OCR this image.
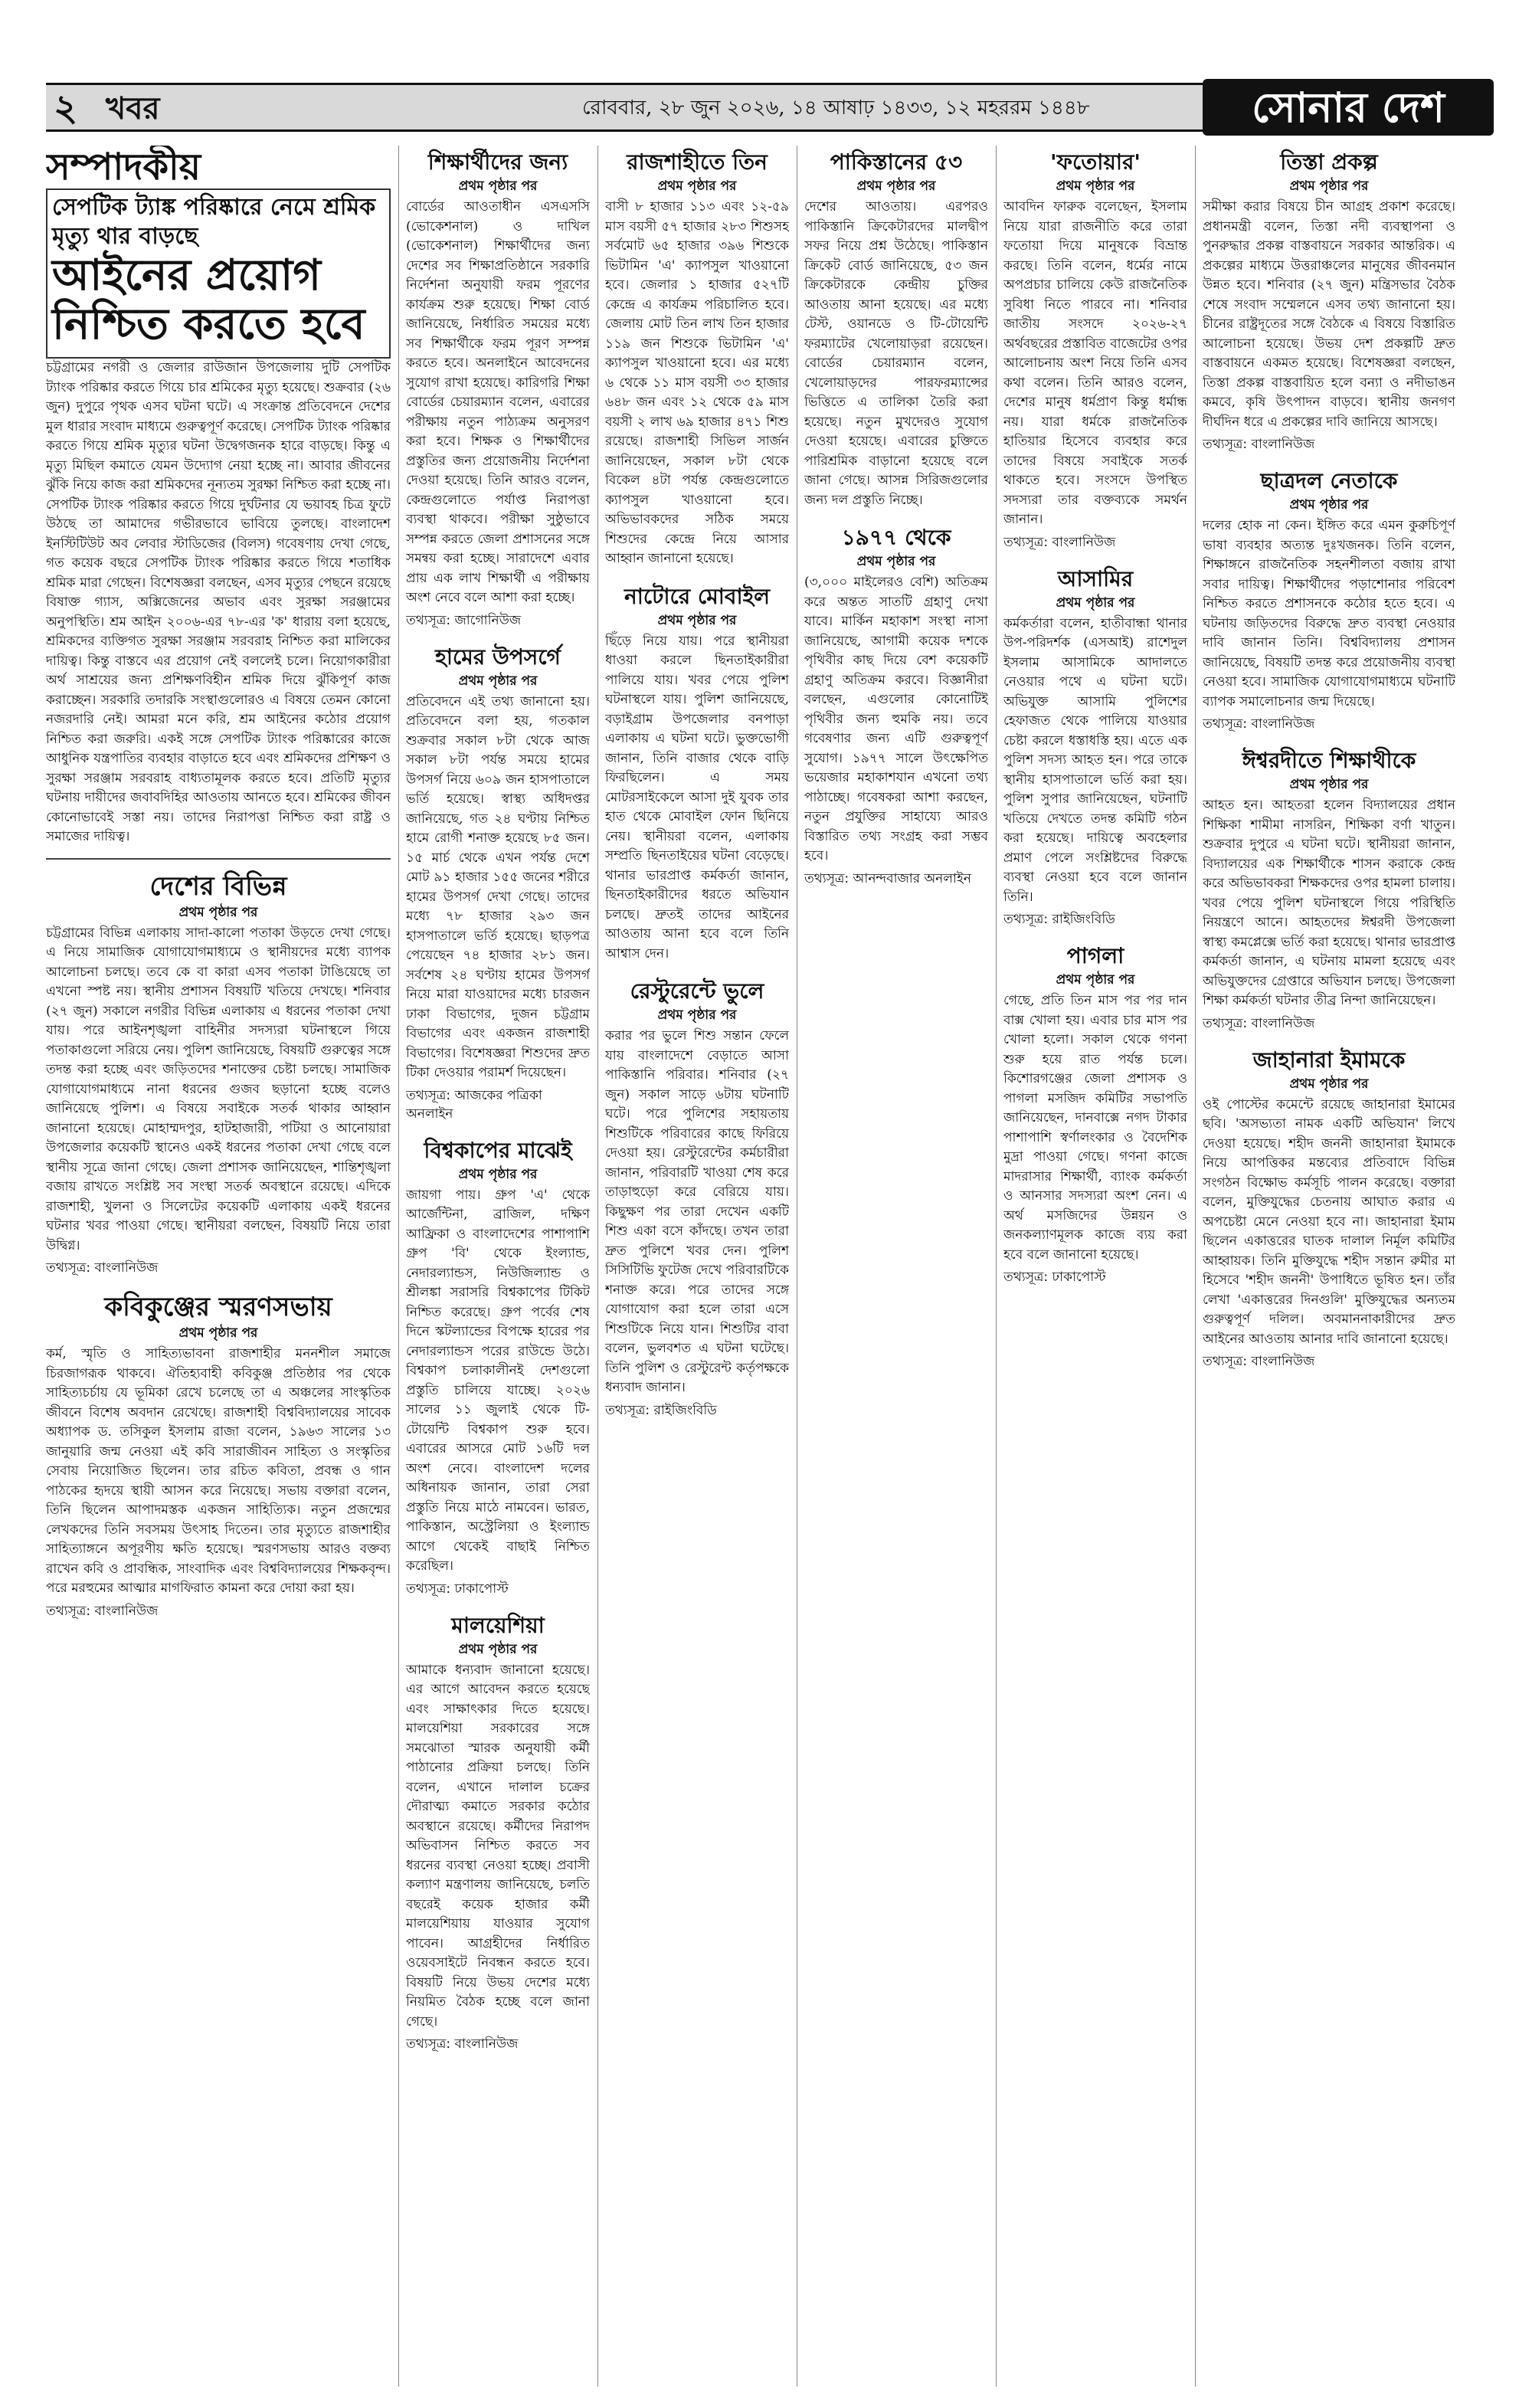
২ খবর	রোববার, ২৮ জুন ২০২৬, ১৪ আষাঢ় ১৪৩৩, ১২ মহররম ১৪৪৮	সোনার দেশ
সম্পাদকীয়
সেপটিক ট্যাঙ্ক পরিষ্কারে নেমে শ্রমিক মৃত্যু থার বাড়ছে
আইনের প্রয়োগ নিশ্চিত করতে হবে

চট্টগ্রামের নগরী ও জেলার রাউজান উপজেলায় দুটি সেপটিক ট্যাংক পরিষ্কার করতে গিয়ে চার শ্রমিকের মৃত্যু হয়েছে। শুক্রবার (২৬ জুন) দুপুরে পৃথক এসব ঘটনা ঘটে। এ সংক্রান্ত প্রতিবেদনে দেশের মুল ধারার সংবাদ মাধ্যমে গুরুত্বপূর্ণ করেছে। সেপটিক ট্যাংক পরিষ্কার করতে গিয়ে শ্রমিক মৃত্যুর ঘটনা উদ্বেগজনক হারে বাড়ছে। কিন্তু এ মৃত্যু মিছিল কমাতে যেমন উদ্যোগ নেয়া হচ্ছে না। আবার জীবনের ঝুঁকি নিয়ে কাজ করা শ্রমিকদের নূন্যতম সুরক্ষা নিশ্চিত করা হচ্ছে না। সেপটিক ট্যাংক পরিষ্কার করতে গিয়ে দুর্ঘটনার যে ভয়াবহ চিত্র ফুটে উঠছে তা আমাদের গভীরভাবে ভাবিয়ে তুলছে। বাংলাদেশ ইনস্টিটিউট অব লেবার স্টাডিজের (বিলস) গবেষণায় দেখা গেছে, গত কয়েক বছরে সেপটিক ট্যাংক পরিষ্কার করতে গিয়ে শতাধিক শ্রমিক মারা গেছেন। বিশেষজ্ঞরা বলছেন, এসব মৃত্যুর পেছনে রয়েছে বিষাক্ত গ্যাস, অক্সিজেনের অভাব এবং সুরক্ষা সরঞ্জামের অনুপস্থিতি। শ্রম আইন ২০০৬-এর ৭৮-এর 'ক' ধারায় বলা হয়েছে, শ্রমিকদের ব্যক্তিগত সুরক্ষা সরঞ্জাম সরবরাহ নিশ্চিত করা মালিকের দায়িত্ব। কিন্তু বাস্তবে এর প্রয়োগ নেই বললেই চলে। নিয়োগকারীরা অর্থ সাশ্রয়ের জন্য প্রশিক্ষণবিহীন শ্রমিক দিয়ে ঝুঁকিপূর্ণ কাজ করাচ্ছেন। সরকারি তদারকি সংস্থাগুলোরও এ বিষয়ে তেমন কোনো নজরদারি নেই। আমরা মনে করি, শ্রম আইনের কঠোর প্রয়োগ নিশ্চিত করা জরুরি। একই সঙ্গে সেপটিক ট্যাংক পরিষ্কারের কাজে আধুনিক যন্ত্রপাতির ব্যবহার বাড়াতে হবে এবং শ্রমিকদের প্রশিক্ষণ ও সুরক্ষা সরঞ্জাম সরবরাহ বাধ্যতামূলক করতে হবে। প্রতিটি মৃত্যুর ঘটনায় দায়ীদের জবাবদিহির আওতায় আনতে হবে। শ্রমিকের জীবন কোনোভাবেই সস্তা নয়। তাদের নিরাপত্তা নিশ্চিত করা রাষ্ট্র ও সমাজের দায়িত্ব।

দেশের বিভিন্ন
প্রথম পৃষ্ঠার পর

চট্টগ্রামের বিভিন্ন এলাকায় সাদা-কালো পতাকা উড়তে দেখা গেছে। এ নিয়ে সামাজিক যোগাযোগমাধ্যমে ও স্থানীয়দের মধ্যে ব্যাপক আলোচনা চলছে। তবে কে বা কারা এসব পতাকা টাঙিয়েছে তা এখনো স্পষ্ট নয়। স্থানীয় প্রশাসন বিষয়টি খতিয়ে দেখছে। শনিবার (২৭ জুন) সকালে নগরীর বিভিন্ন এলাকায় এ ধরনের পতাকা দেখা যায়। পরে আইনশৃঙ্খলা বাহিনীর সদস্যরা ঘটনাস্থলে গিয়ে পতাকাগুলো সরিয়ে নেয়। পুলিশ জানিয়েছে, বিষয়টি গুরুত্বের সঙ্গে তদন্ত করা হচ্ছে এবং জড়িতদের শনাক্তের চেষ্টা চলছে। সামাজিক যোগাযোগমাধ্যমে নানা ধরনের গুজব ছড়ানো হচ্ছে বলেও জানিয়েছে পুলিশ। এ বিষয়ে সবাইকে সতর্ক থাকার আহ্বান জানানো হয়েছে। মোহাম্মদপুর, হাটহাজারী, পটিয়া ও আনোয়ারা উপজেলার কয়েকটি স্থানেও একই ধরনের পতাকা দেখা গেছে বলে স্থানীয় সূত্রে জানা গেছে। জেলা প্রশাসক জানিয়েছেন, শান্তিশৃঙ্খলা বজায় রাখতে সংশ্লিষ্ট সব সংস্থা সতর্ক অবস্থানে রয়েছে। এদিকে রাজশাহী, খুলনা ও সিলেটের কয়েকটি এলাকায় একই ধরনের ঘটনার খবর পাওয়া গেছে। স্থানীয়রা বলছেন, বিষয়টি নিয়ে তারা উদ্বিগ্ন।

তথ্যসূত্র: বাংলানিউজ
কবিকুঞ্জের স্মরণসভায়
প্রথম পৃষ্ঠার পর

কর্ম, স্মৃতি ও সাহিত্যভাবনা রাজশাহীর মননশীল সমাজে চিরজাগরূক থাকবে। ঐতিহ্যবাহী কবিকুঞ্জ প্রতিষ্ঠার পর থেকে সাহিত্যচর্চায় যে ভূমিকা রেখে চলেছে তা এ অঞ্চলের সাংস্কৃতিক জীবনে বিশেষ অবদান রেখেছে। রাজশাহী বিশ্ববিদ্যালয়ের সাবেক অধ্যাপক ড. তসিকুল ইসলাম রাজা বলেন, ১৯৬৩ সালের ১৩ জানুয়ারি জন্ম নেওয়া এই কবি সারাজীবন সাহিত্য ও সংস্কৃতির সেবায় নিয়োজিত ছিলেন। তার রচিত কবিতা, প্রবন্ধ ও গান পাঠকের হৃদয়ে স্থায়ী আসন করে নিয়েছে। সভায় বক্তারা বলেন, তিনি ছিলেন আপাদমস্তক একজন সাহিত্যিক। নতুন প্রজন্মের লেখকদের তিনি সবসময় উৎসাহ দিতেন। তার মৃত্যুতে রাজশাহীর সাহিত্যাঙ্গনে অপূরণীয় ক্ষতি হয়েছে। স্মরণসভায় আরও বক্তব্য রাখেন কবি ও প্রাবন্ধিক, সাংবাদিক এবং বিশ্ববিদ্যালয়ের শিক্ষকবৃন্দ। পরে মরহুমের আত্মার মাগফিরাত কামনা করে দোয়া করা হয়।

তথ্যসূত্র: বাংলানিউজ
শিক্ষার্থীদের জন্য
প্রথম পৃষ্ঠার পর

বোর্ডের আওতাধীন এসএসসি (ভোকেশনাল) ও দাখিল (ভোকেশনাল) শিক্ষার্থীদের জন্য দেশের সব শিক্ষাপ্রতিষ্ঠানে সরকারি নির্দেশনা অনুযায়ী ফরম পূরণের কার্যক্রম শুরু হয়েছে। শিক্ষা বোর্ড জানিয়েছে, নির্ধারিত সময়ের মধ্যে সব শিক্ষার্থীকে ফরম পূরণ সম্পন্ন করতে হবে। অনলাইনে আবেদনের সুযোগ রাখা হয়েছে। কারিগরি শিক্ষা বোর্ডের চেয়ারম্যান বলেন, এবারের পরীক্ষায় নতুন পাঠ্যক্রম অনুসরণ করা হবে। শিক্ষক ও শিক্ষার্থীদের প্রস্তুতির জন্য প্রয়োজনীয় নির্দেশনা দেওয়া হয়েছে। তিনি আরও বলেন, কেন্দ্রগুলোতে পর্যাপ্ত নিরাপত্তা ব্যবস্থা থাকবে। পরীক্ষা সুষ্ঠুভাবে সম্পন্ন করতে জেলা প্রশাসনের সঙ্গে সমন্বয় করা হচ্ছে। সারাদেশে এবার প্রায় এক লাখ শিক্ষার্থী এ পরীক্ষায় অংশ নেবে বলে আশা করা হচ্ছে।

তথ্যসূত্র: জাগোনিউজ
হামের উপসর্গে
প্রথম পৃষ্ঠার পর

প্রতিবেদনে এই তথ্য জানানো হয়। প্রতিবেদনে বলা হয়, গতকাল শুক্রবার সকাল ৮টা থেকে আজ সকাল ৮টা পর্যন্ত সময়ে হামের উপসর্গ নিয়ে ৬০৯ জন হাসপাতালে ভর্তি হয়েছে। স্বাস্থ্য অধিদপ্তর জানিয়েছে, গত ২৪ ঘণ্টায় নিশ্চিত হামে রোগী শনাক্ত হয়েছে ৮৫ জন। ১৫ মার্চ থেকে এখন পর্যন্ত দেশে মোট ৯১ হাজার ১৫৫ জনের শরীরে হামের উপসর্গ দেখা গেছে। তাদের মধ্যে ৭৮ হাজার ২৯৩ জন হাসপাতালে ভর্তি হয়েছে। ছাড়পত্র পেয়েছেন ৭৪ হাজার ২৮১ জন। সর্বশেষ ২৪ ঘণ্টায় হামের উপসর্গ নিয়ে মারা যাওয়াদের মধ্যে চারজন ঢাকা বিভাগের, দুজন চট্টগ্রাম বিভাগের এবং একজন রাজশাহী বিভাগের। বিশেষজ্ঞরা শিশুদের দ্রুত টিকা দেওয়ার পরামর্শ দিয়েছেন।

তথ্যসূত্র: আজকের পত্রিকা অনলাইন
বিশ্বকাপের মাঝেই
প্রথম পৃষ্ঠার পর

জায়গা পায়। গ্রুপ 'এ' থেকে আর্জেন্টিনা, ব্রাজিল, দক্ষিণ আফ্রিকা ও বাংলাদেশের পাশাপাশি গ্রুপ 'বি' থেকে ইংল্যান্ড, নেদারল্যান্ডস, নিউজিল্যান্ড ও শ্রীলঙ্কা সরাসরি বিশ্বকাপের টিকিট নিশ্চিত করেছে। গ্রুপ পর্বের শেষ দিনে স্কটল্যান্ডের বিপক্ষে হারের পর নেদারল্যান্ডস পরের রাউন্ডে উঠে। বিশ্বকাপ চলাকালীনই দেশগুলো প্রস্তুতি চালিয়ে যাচ্ছে। ২০২৬ সালের ১১ জুলাই থেকে টি-টোয়েন্টি বিশ্বকাপ শুরু হবে। এবারের আসরে মোট ১৬টি দল অংশ নেবে। বাংলাদেশ দলের অধিনায়ক জানান, তারা সেরা প্রস্তুতি নিয়ে মাঠে নামবেন। ভারত, পাকিস্তান, অস্ট্রেলিয়া ও ইংল্যান্ড আগে থেকেই বাছাই নিশ্চিত করেছিল।

তথ্যসূত্র: ঢাকাপোস্ট
মালয়েশিয়া
প্রথম পৃষ্ঠার পর

আমাকে ধন্যবাদ জানানো হয়েছে। এর আগে আবেদন করতে হয়েছে এবং সাক্ষাৎকার দিতে হয়েছে। মালয়েশিয়া সরকারের সঙ্গে সমঝোতা স্মারক অনুযায়ী কর্মী পাঠানোর প্রক্রিয়া চলছে। তিনি বলেন, এখানে দালাল চক্রের দৌরাত্ম্য কমাতে সরকার কঠোর অবস্থানে রয়েছে। কর্মীদের নিরাপদ অভিবাসন নিশ্চিত করতে সব ধরনের ব্যবস্থা নেওয়া হচ্ছে। প্রবাসী কল্যাণ মন্ত্রণালয় জানিয়েছে, চলতি বছরেই কয়েক হাজার কর্মী মালয়েশিয়ায় যাওয়ার সুযোগ পাবেন। আগ্রহীদের নির্ধারিত ওয়েবসাইটে নিবন্ধন করতে হবে। বিষয়টি নিয়ে উভয় দেশের মধ্যে নিয়মিত বৈঠক হচ্ছে বলে জানা গেছে।

তথ্যসূত্র: বাংলানিউজ
রাজশাহীতে তিন
প্রথম পৃষ্ঠার পর

বাসী ৮ হাজার ১১৩ এবং ১২-৫৯ মাস বয়সী ৫৭ হাজার ২৮৩ শিশুসহ সর্বমোট ৬৫ হাজার ৩৯৬ শিশুকে ভিটামিন 'এ' ক্যাপসুল খাওয়ানো হবে। জেলার ১ হাজার ৫২৭টি কেন্দ্রে এ কার্যক্রম পরিচালিত হবে। জেলায় মোট তিন লাখ তিন হাজার ১১৯ জন শিশুকে ভিটামিন 'এ' ক্যাপসুল খাওয়ানো হবে। এর মধ্যে ৬ থেকে ১১ মাস বয়সী ৩৩ হাজার ৬৪৮ জন এবং ১২ থেকে ৫৯ মাস বয়সী ২ লাখ ৬৯ হাজার ৪৭১ শিশু রয়েছে। রাজশাহী সিভিল সার্জন জানিয়েছেন, সকাল ৮টা থেকে বিকেল ৪টা পর্যন্ত কেন্দ্রগুলোতে ক্যাপসুল খাওয়ানো হবে। অভিভাবকদের সঠিক সময়ে শিশুদের কেন্দ্রে নিয়ে আসার আহ্বান জানানো হয়েছে।

নাটোরে মোবাইল
প্রথম পৃষ্ঠার পর

ছিঁড়ে নিয়ে যায়। পরে স্থানীয়রা ধাওয়া করলে ছিনতাইকারীরা পালিয়ে যায়। খবর পেয়ে পুলিশ ঘটনাস্থলে যায়। পুলিশ জানিয়েছে, বড়াইগ্রাম উপজেলার বনপাড়া এলাকায় এ ঘটনা ঘটে। ভুক্তভোগী জানান, তিনি বাজার থেকে বাড়ি ফিরছিলেন। এ সময় মোটরসাইকেলে আসা দুই যুবক তার হাত থেকে মোবাইল ফোন ছিনিয়ে নেয়। স্থানীয়রা বলেন, এলাকায় সম্প্রতি ছিনতাইয়ের ঘটনা বেড়েছে। থানার ভারপ্রাপ্ত কর্মকর্তা জানান, ছিনতাইকারীদের ধরতে অভিযান চলছে। দ্রুতই তাদের আইনের আওতায় আনা হবে বলে তিনি আশ্বাস দেন।

রেস্টুরেন্টে ভুলে
প্রথম পৃষ্ঠার পর

করার পর ভুলে শিশু সন্তান ফেলে যায় বাংলাদেশে বেড়াতে আসা পাকিস্তানি পরিবার। শনিবার (২৭ জুন) সকাল সাড়ে ৬টায় ঘটনাটি ঘটে। পরে পুলিশের সহায়তায় শিশুটিকে পরিবারের কাছে ফিরিয়ে দেওয়া হয়। রেস্টুরেন্টের কর্মচারীরা জানান, পরিবারটি খাওয়া শেষ করে তাড়াহুড়ো করে বেরিয়ে যায়। কিছুক্ষণ পর তারা দেখেন একটি শিশু একা বসে কাঁদছে। তখন তারা দ্রুত পুলিশে খবর দেন। পুলিশ সিসিটিভি ফুটেজ দেখে পরিবারটিকে শনাক্ত করে। পরে তাদের সঙ্গে যোগাযোগ করা হলে তারা এসে শিশুটিকে নিয়ে যান। শিশুটির বাবা বলেন, ভুলবশত এ ঘটনা ঘটেছে। তিনি পুলিশ ও রেস্টুরেন্ট কর্তৃপক্ষকে ধন্যবাদ জানান।

তথ্যসূত্র: রাইজিংবিডি
পাকিস্তানের ৫৩
প্রথম পৃষ্ঠার পর

দেশের আওতায়। এরপরও পাকিস্তানি ক্রিকেটারদের মালদ্বীপ সফর নিয়ে প্রশ্ন উঠেছে। পাকিস্তান ক্রিকেট বোর্ড জানিয়েছে, ৫৩ জন ক্রিকেটারকে কেন্দ্রীয় চুক্তির আওতায় আনা হয়েছে। এর মধ্যে টেস্ট, ওয়ানডে ও টি-টোয়েন্টি ফরম্যাটের খেলোয়াড়রা রয়েছেন। বোর্ডের চেয়ারম্যান বলেন, খেলোয়াড়দের পারফরম্যান্সের ভিত্তিতে এ তালিকা তৈরি করা হয়েছে। নতুন মুখদেরও সুযোগ দেওয়া হয়েছে। এবারের চুক্তিতে পারিশ্রমিক বাড়ানো হয়েছে বলে জানা গেছে। আসন্ন সিরিজগুলোর জন্য দল প্রস্তুতি নিচ্ছে।

১৯৭৭ থেকে
প্রথম পৃষ্ঠার পর

(৩,০০০ মাইলেরও বেশি) অতিক্রম করে অন্তত সাতটি গ্রহাণু দেখা যাবে। মার্কিন মহাকাশ সংস্থা নাসা জানিয়েছে, আগামী কয়েক দশকে পৃথিবীর কাছ দিয়ে বেশ কয়েকটি গ্রহাণু অতিক্রম করবে। বিজ্ঞানীরা বলছেন, এগুলোর কোনোটিই পৃথিবীর জন্য হুমকি নয়। তবে গবেষণার জন্য এটি গুরুত্বপূর্ণ সুযোগ। ১৯৭৭ সালে উৎক্ষেপিত ভয়েজার মহাকাশযান এখনো তথ্য পাঠাচ্ছে। গবেষকরা আশা করছেন, নতুন প্রযুক্তির সাহায্যে আরও বিস্তারিত তথ্য সংগ্রহ করা সম্ভব হবে।

তথ্যসূত্র: আনন্দবাজার অনলাইন
'ফতোয়ার'
প্রথম পৃষ্ঠার পর

আবদিন ফারুক বলেছেন, ইসলাম নিয়ে যারা রাজনীতি করে তারা ফতোয়া দিয়ে মানুষকে বিভ্রান্ত করছে। তিনি বলেন, ধর্মের নামে অপপ্রচার চালিয়ে কেউ রাজনৈতিক সুবিধা নিতে পারবে না। শনিবার জাতীয় সংসদে ২০২৬-২৭ অর্থবছরের প্রস্তাবিত বাজেটের ওপর আলোচনায় অংশ নিয়ে তিনি এসব কথা বলেন। তিনি আরও বলেন, দেশের মানুষ ধর্মপ্রাণ কিন্তু ধর্মান্ধ নয়। যারা ধর্মকে রাজনৈতিক হাতিয়ার হিসেবে ব্যবহার করে তাদের বিষয়ে সবাইকে সতর্ক থাকতে হবে। সংসদে উপস্থিত সদস্যরা তার বক্তব্যকে সমর্থন জানান।

তথ্যসূত্র: বাংলানিউজ
আসামির
প্রথম পৃষ্ঠার পর

কর্মকর্তারা বলেন, হাতীবান্ধা থানার উপ-পরিদর্শক (এসআই) রাশেদুল ইসলাম আসামিকে আদালতে নেওয়ার পথে এ ঘটনা ঘটে। অভিযুক্ত আসামি পুলিশের হেফাজত থেকে পালিয়ে যাওয়ার চেষ্টা করলে ধস্তাধস্তি হয়। এতে এক পুলিশ সদস্য আহত হন। পরে তাকে স্থানীয় হাসপাতালে ভর্তি করা হয়। পুলিশ সুপার জানিয়েছেন, ঘটনাটি খতিয়ে দেখতে তদন্ত কমিটি গঠন করা হয়েছে। দায়িত্বে অবহেলার প্রমাণ পেলে সংশ্লিষ্টদের বিরুদ্ধে ব্যবস্থা নেওয়া হবে বলে জানান তিনি।

তথ্যসূত্র: রাইজিংবিডি
পাগলা
প্রথম পৃষ্ঠার পর

গেছে, প্রতি তিন মাস পর পর দান বাক্স খোলা হয়। এবার চার মাস পর খোলা হলো। সকাল থেকে গণনা শুরু হয়ে রাত পর্যন্ত চলে। কিশোরগঞ্জের জেলা প্রশাসক ও পাগলা মসজিদ কমিটির সভাপতি জানিয়েছেন, দানবাক্সে নগদ টাকার পাশাপাশি স্বর্ণালংকার ও বৈদেশিক মুদ্রা পাওয়া গেছে। গণনা কাজে মাদরাসার শিক্ষার্থী, ব্যাংক কর্মকর্তা ও আনসার সদস্যরা অংশ নেন। এ অর্থ মসজিদের উন্নয়ন ও জনকল্যাণমূলক কাজে ব্যয় করা হবে বলে জানানো হয়েছে।

তথ্যসূত্র: ঢাকাপোস্ট
তিস্তা প্রকল্প
প্রথম পৃষ্ঠার পর

সমীক্ষা করার বিষয়ে চীন আগ্রহ প্রকাশ করেছে। প্রধানমন্ত্রী বলেন, তিস্তা নদী ব্যবস্থাপনা ও পুনরুদ্ধার প্রকল্প বাস্তবায়নে সরকার আন্তরিক। এ প্রকল্পের মাধ্যমে উত্তরাঞ্চলের মানুষের জীবনমান উন্নত হবে। শনিবার (২৭ জুন) মন্ত্রিসভার বৈঠক শেষে সংবাদ সম্মেলনে এসব তথ্য জানানো হয়। চীনের রাষ্ট্রদূতের সঙ্গে বৈঠকে এ বিষয়ে বিস্তারিত আলোচনা হয়েছে। উভয় দেশ প্রকল্পটি দ্রুত বাস্তবায়নে একমত হয়েছে। বিশেষজ্ঞরা বলছেন, তিস্তা প্রকল্প বাস্তবায়িত হলে বন্যা ও নদীভাঙন কমবে, কৃষি উৎপাদন বাড়বে। স্থানীয় জনগণ দীর্ঘদিন ধরে এ প্রকল্পের দাবি জানিয়ে আসছে।

তথ্যসূত্র: বাংলানিউজ
ছাত্রদল নেতাকে
প্রথম পৃষ্ঠার পর

দলের হোক না কেন। ইঙ্গিত করে এমন কুরুচিপূর্ণ ভাষা ব্যবহার অত্যন্ত দুঃখজনক। তিনি বলেন, শিক্ষাঙ্গনে রাজনৈতিক সহনশীলতা বজায় রাখা সবার দায়িত্ব। শিক্ষার্থীদের পড়াশোনার পরিবেশ নিশ্চিত করতে প্রশাসনকে কঠোর হতে হবে। এ ঘটনায় জড়িতদের বিরুদ্ধে দ্রুত ব্যবস্থা নেওয়ার দাবি জানান তিনি। বিশ্ববিদ্যালয় প্রশাসন জানিয়েছে, বিষয়টি তদন্ত করে প্রয়োজনীয় ব্যবস্থা নেওয়া হবে। সামাজিক যোগাযোগমাধ্যমে ঘটনাটি ব্যাপক সমালোচনার জন্ম দিয়েছে।

তথ্যসূত্র: বাংলানিউজ
ঈশ্বরদীতে শিক্ষাথীকে
প্রথম পৃষ্ঠার পর

আহত হন। আহতরা হলেন বিদ্যালয়ের প্রধান শিক্ষিকা শামীমা নাসরিন, শিক্ষিকা বর্ণা খাতুন। শুক্রবার দুপুরে এ ঘটনা ঘটে। স্থানীয়রা জানান, বিদ্যালয়ের এক শিক্ষার্থীকে শাসন করাকে কেন্দ্র করে অভিভাবকরা শিক্ষকদের ওপর হামলা চালায়। খবর পেয়ে পুলিশ ঘটনাস্থলে গিয়ে পরিস্থিতি নিয়ন্ত্রণে আনে। আহতদের ঈশ্বরদী উপজেলা স্বাস্থ্য কমপ্লেক্সে ভর্তি করা হয়েছে। থানার ভারপ্রাপ্ত কর্মকর্তা জানান, এ ঘটনায় মামলা হয়েছে এবং অভিযুক্তদের গ্রেপ্তারে অভিযান চলছে। উপজেলা শিক্ষা কর্মকর্তা ঘটনার তীব্র নিন্দা জানিয়েছেন।

তথ্যসূত্র: বাংলানিউজ
জাহানারা ইমামকে
প্রথম পৃষ্ঠার পর

ওই পোস্টের কমেন্টে রয়েছে জাহানারা ইমামের ছবি। 'অসভ্যতা নামক একটি অভিযান' লিখে দেওয়া হয়েছে। শহীদ জননী জাহানারা ইমামকে নিয়ে আপত্তিকর মন্তব্যের প্রতিবাদে বিভিন্ন সংগঠন বিক্ষোভ কর্মসূচি পালন করেছে। বক্তারা বলেন, মুক্তিযুদ্ধের চেতনায় আঘাত করার এ অপচেষ্টা মেনে নেওয়া হবে না। জাহানারা ইমাম ছিলেন একাত্তরের ঘাতক দালাল নির্মূল কমিটির আহ্বায়ক। তিনি মুক্তিযুদ্ধে শহীদ সন্তান রুমীর মা হিসেবে 'শহীদ জননী' উপাধিতে ভূষিত হন। তাঁর লেখা 'একাত্তরের দিনগুলি' মুক্তিযুদ্ধের অন্যতম গুরুত্বপূর্ণ দলিল। অবমাননাকারীদের দ্রুত আইনের আওতায় আনার দাবি জানানো হয়েছে।

তথ্যসূত্র: বাংলানিউজ
